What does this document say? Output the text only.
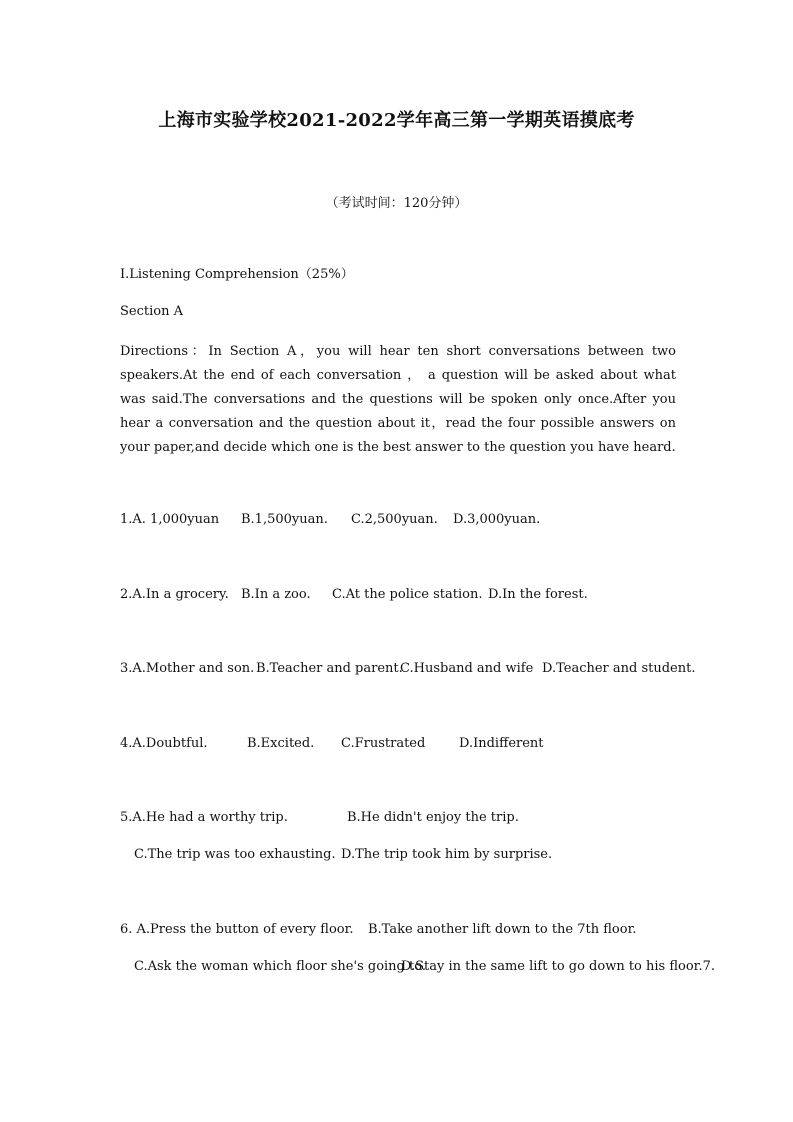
上海市实验学校2021-2022学年高三第一学期英语摸底考
（考试时间：120分钟）
I.Listening Comprehension（25%）
Section A
Directions：In Section A，you will hear ten short conversations between two speakers.At the end of each conversation ， a question will be asked about what was said.The conversations and the questions will be spoken only once.After you hear a conversation and the question about it，read the four possible answers on your paper,and decide which one is the best answer to the question you have heard.
1.A. 1,000yuan B.1,500yuan. C.2,500yuan. D.3,000yuan.
2.A.In a grocery. B.In a zoo. C.At the police station. D.In the forest.
3.A.Mother and son. B.Teacher and parent.
C.Husband and wife D.Teacher and student.
4.A.Doubtful.	B.Excited. C.Frustrated	D.Indifferent
5.A.He had a worthy trip.	B.He didn't enjoy the trip.
C.The trip was too exhausting. D.The trip took him by surprise.
6. A.Press the button of every floor. B.Take another lift down to the 7th floor.
C.Ask the woman which floor she's going to.
D.Stay in the same lift to go down to his floor.7.
